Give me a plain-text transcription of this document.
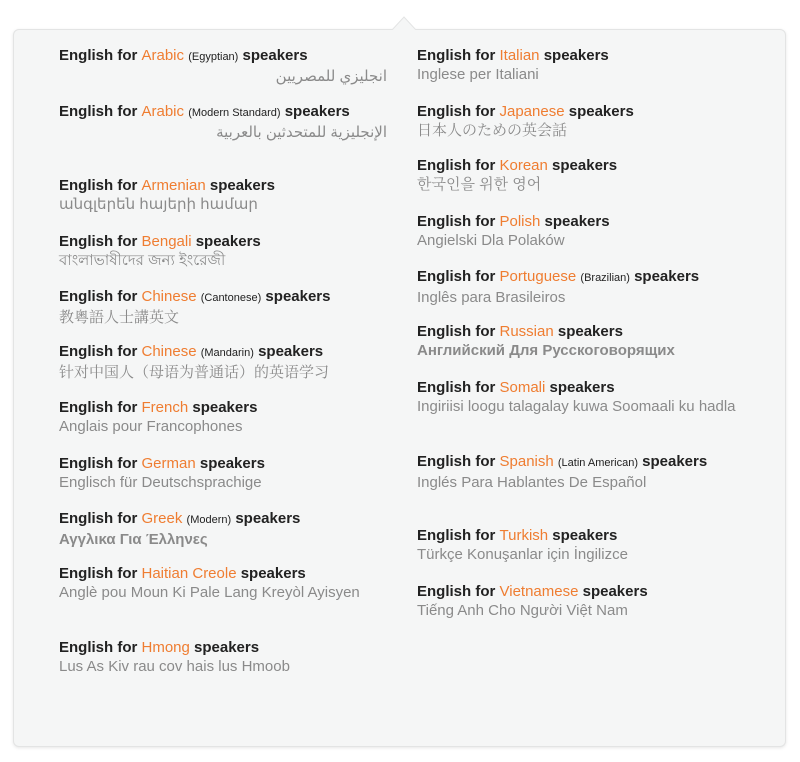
English for Arabic (Egyptian) speakers
انجليزي للمصريين
English for Arabic (Modern Standard) speakers
الإنجليزية للمتحدثين بالعربية
English for Armenian speakers
անգլերեն հայերի համար
English for Bengali speakers
বাংলাভাষীদের জন্য ইংরেজী
English for Chinese (Cantonese) speakers
教粵語人士講英文
English for Chinese (Mandarin) speakers
针对中国人（母语为普通话）的英语学习
English for French speakers
Anglais pour Francophones
English for German speakers
Englisch für Deutschsprachige
English for Greek (Modern) speakers
Αγγλικα Για Έλληνες
English for Haitian Creole speakers
Anglè pou Moun Ki Pale Lang Kreyòl Ayisyen
English for Hmong speakers
Lus As Kiv rau cov hais lus Hmoob
English for Italian speakers
Inglese per Italiani
English for Japanese speakers
日本人のための英会話
English for Korean speakers
한국인을 위한 영어
English for Polish speakers
Angielski Dla Polaków
English for Portuguese (Brazilian) speakers
Inglês para Brasileiros
English for Russian speakers
Английский Для Русскоговорящих
English for Somali speakers
Ingiriisi loogu talagalay kuwa Soomaali ku hadla
English for Spanish (Latin American) speakers
Inglés Para Hablantes De Español
English for Turkish speakers
Türkçe Konuşanlar için İngilizce
English for Vietnamese speakers
Tiếng Anh Cho Người Việt Nam
